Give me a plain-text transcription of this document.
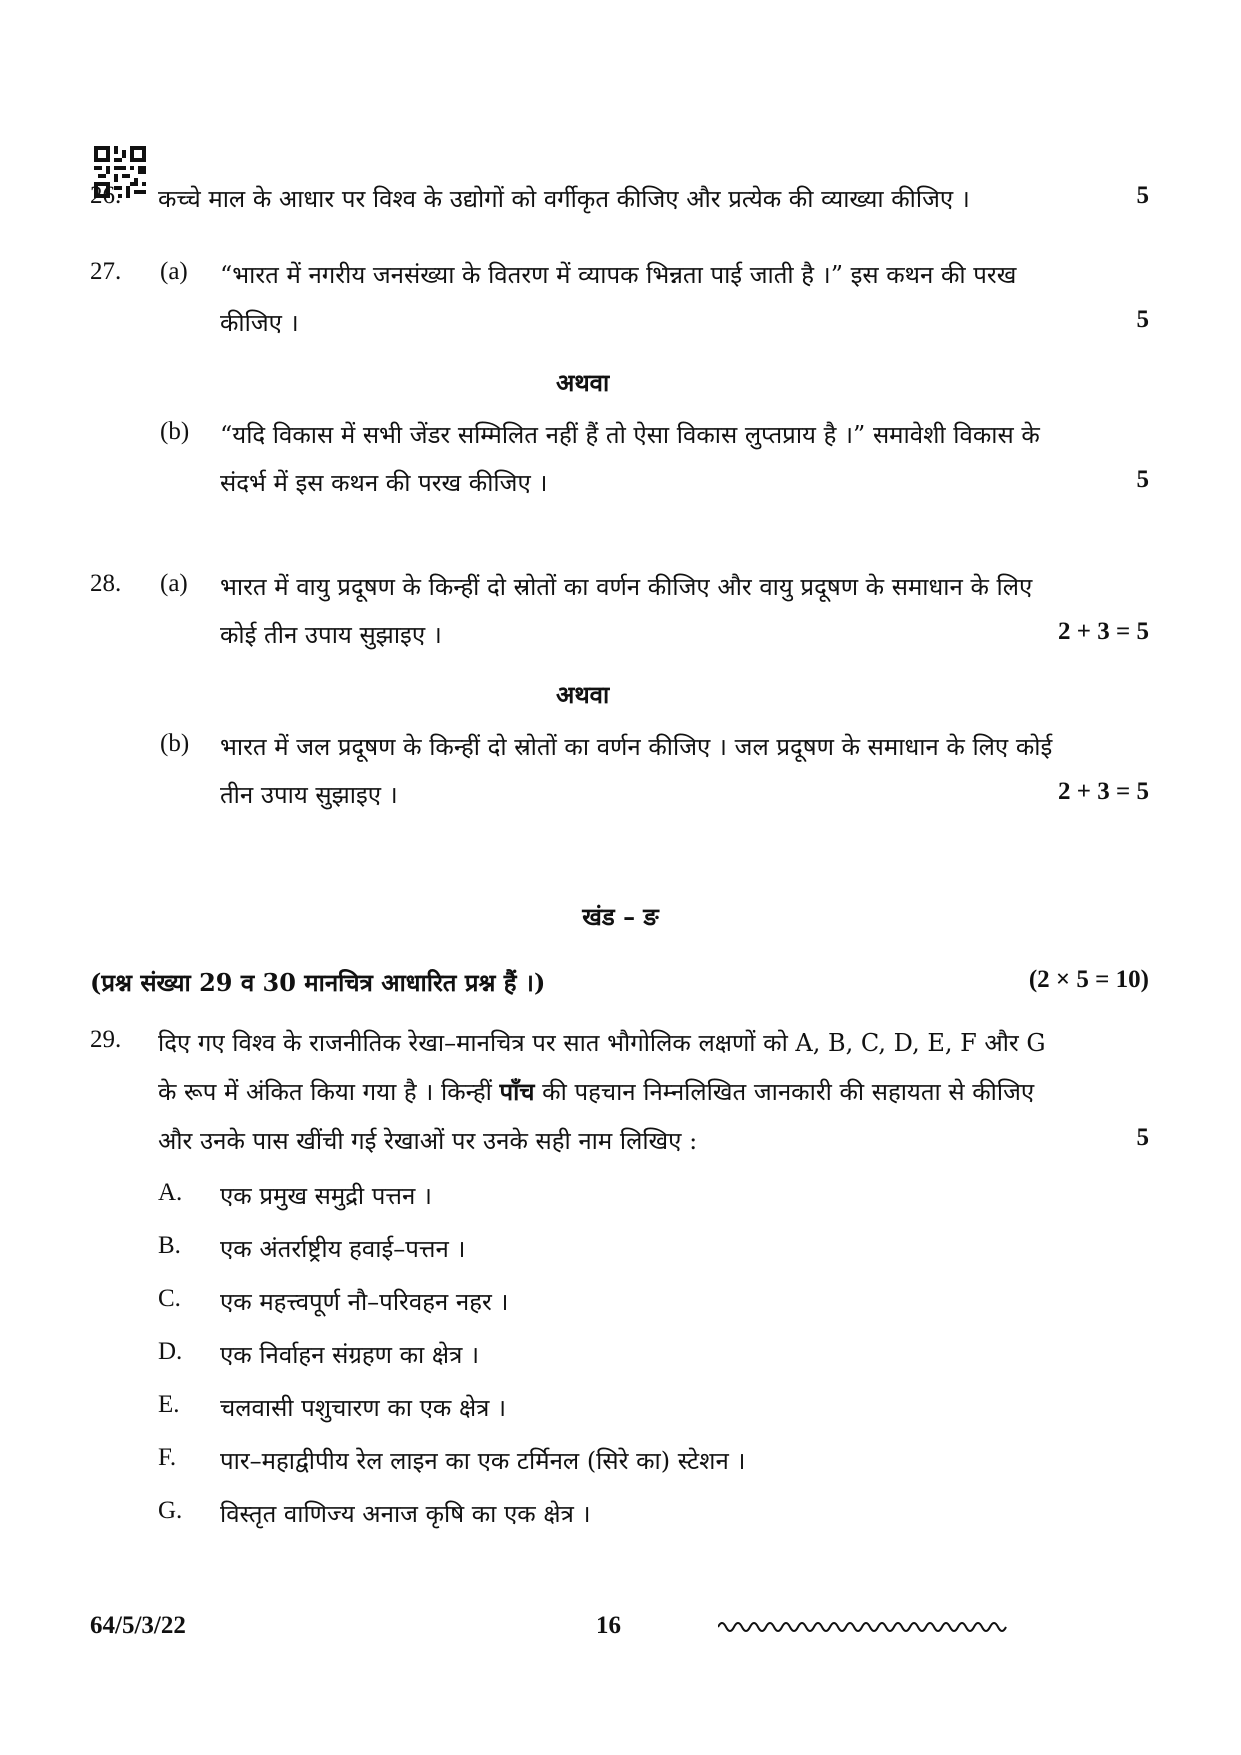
26. कच्चे माल के आधार पर विश्व के उद्योगों को वर्गीकृत कीजिए और प्रत्येक की व्याख्या कीजिए ।	5
27. (a) “भारत में नगरीय जनसंख्या के वितरण में व्यापक भिन्नता पाई जाती है ।” इस कथन की परख
कीजिए ।	5
अथवा
(b) “यदि विकास में सभी जेंडर सम्मिलित नहीं हैं तो ऐसा विकास लुप्तप्राय है ।” समावेशी विकास के
संदर्भ में इस कथन की परख कीजिए ।	5
28. (a) भारत में वायु प्रदूषण के किन्हीं दो स्रोतों का वर्णन कीजिए और वायु प्रदूषण के समाधान के लिए
कोई तीन उपाय सुझाइए ।	2 + 3 = 5
अथवा
(b) भारत में जल प्रदूषण के किन्हीं दो स्रोतों का वर्णन कीजिए । जल प्रदूषण के समाधान के लिए कोई
तीन उपाय सुझाइए ।	2 + 3 = 5
खंड – ङ
(प्रश्न संख्या 29 व 30 मानचित्र आधारित प्रश्न हैं ।)	(2 × 5 = 10)
29. दिए गए विश्व के राजनीतिक रेखा–मानचित्र पर सात भौगोलिक लक्षणों को A, B, C, D, E, F और G
के रूप में अंकित किया गया है । किन्हीं पाँच की पहचान निम्नलिखित जानकारी की सहायता से कीजिए
और उनके पास खींची गई रेखाओं पर उनके सही नाम लिखिए :	5
A. एक प्रमुख समुद्री पत्तन ।
B. एक अंतर्राष्ट्रीय हवाई–पत्तन ।
C. एक महत्त्वपूर्ण नौ–परिवहन नहर ।
D. एक निर्वाहन संग्रहण का क्षेत्र ।
E. चलवासी पशुचारण का एक क्षेत्र ।
F. पार–महाद्वीपीय रेल लाइन का एक टर्मिनल (सिरे का) स्टेशन ।
G. विस्तृत वाणिज्य अनाज कृषि का एक क्षेत्र ।
64/5/3/22	16
